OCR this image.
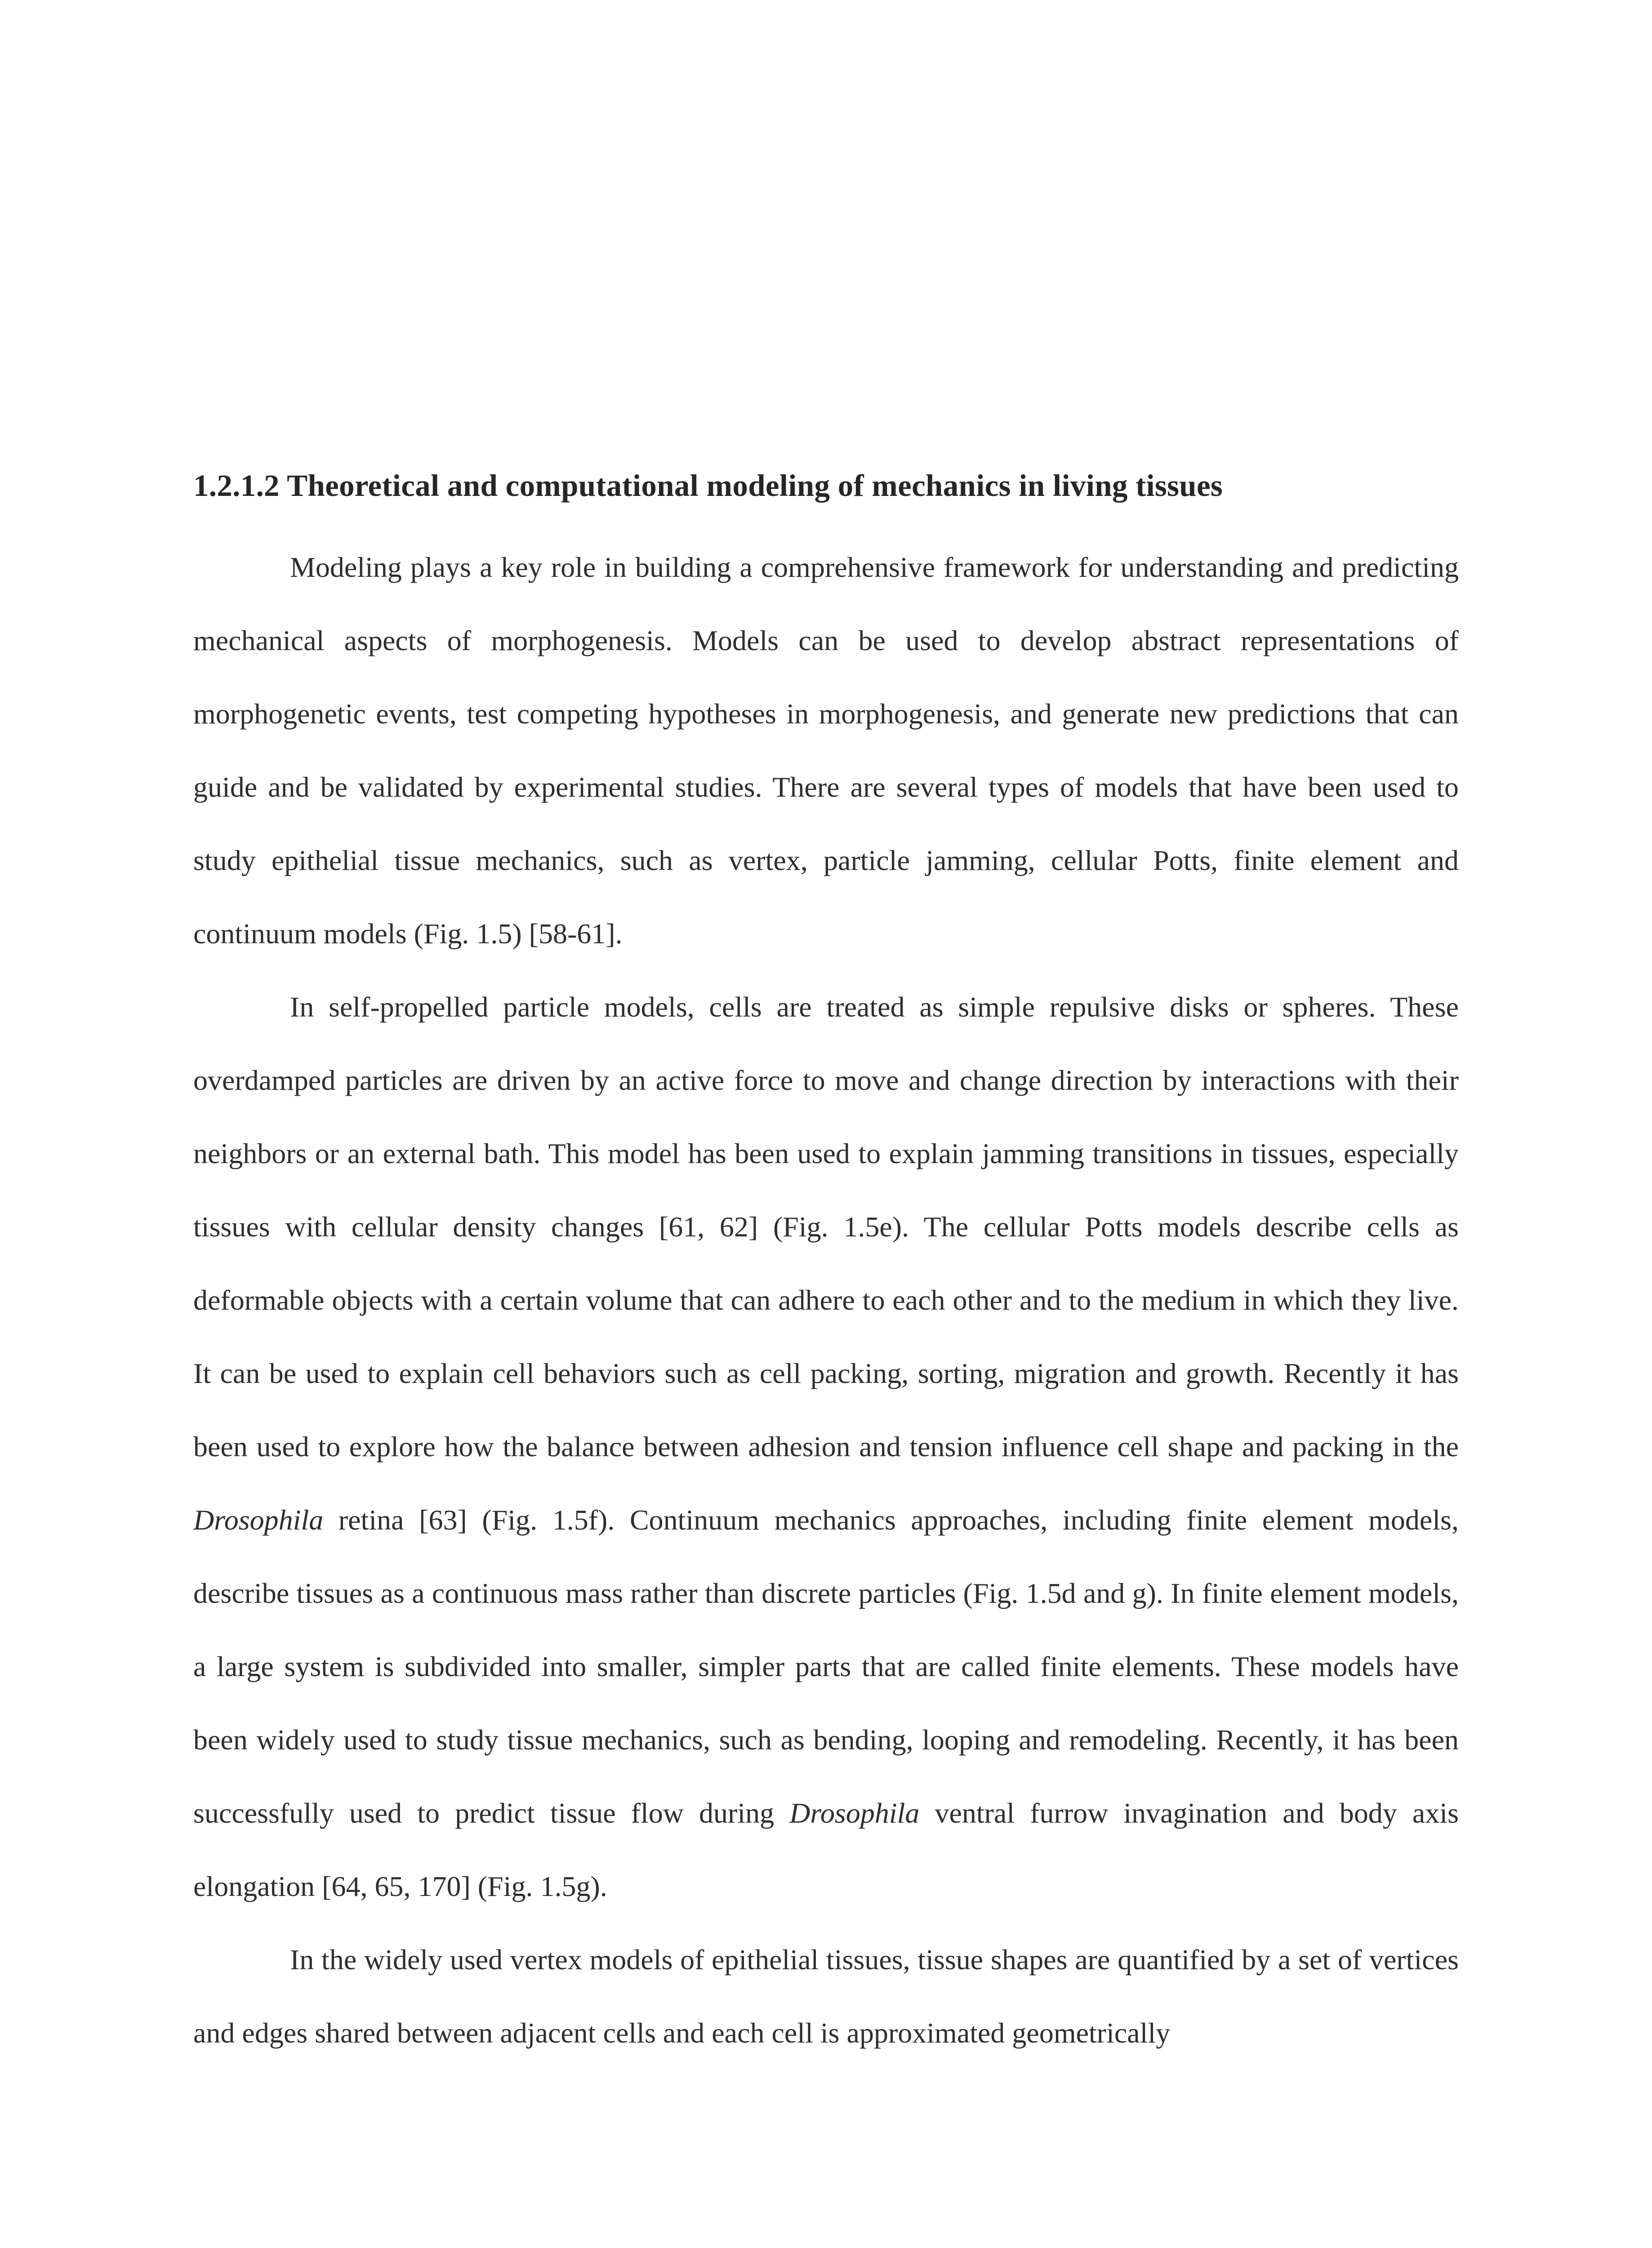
1.2.1.2 Theoretical and computational modeling of mechanics in living tissues

Modeling plays a key role in building a comprehensive framework for understanding and predicting mechanical aspects of morphogenesis. Models can be used to develop abstract representations of morphogenetic events, test competing hypotheses in morphogenesis, and generate new predictions that can guide and be validated by experimental studies. There are several types of models that have been used to study epithelial tissue mechanics, such as vertex, particle jamming, cellular Potts, finite element and continuum models (Fig. 1.5) [58-61].

In self-propelled particle models, cells are treated as simple repulsive disks or spheres. These overdamped particles are driven by an active force to move and change direction by interactions with their neighbors or an external bath. This model has been used to explain jamming transitions in tissues, especially tissues with cellular density changes [61, 62] (Fig. 1.5e). The cellular Potts models describe cells as deformable objects with a certain volume that can adhere to each other and to the medium in which they live. It can be used to explain cell behaviors such as cell packing, sorting, migration and growth. Recently it has been used to explore how the balance between adhesion and tension influence cell shape and packing in the Drosophila retina [63] (Fig. 1.5f). Continuum mechanics approaches, including finite element models, describe tissues as a continuous mass rather than discrete particles (Fig. 1.5d and g). In finite element models, a large system is subdivided into smaller, simpler parts that are called finite elements. These models have been widely used to study tissue mechanics, such as bending, looping and remodeling. Recently, it has been successfully used to predict tissue flow during Drosophila ventral furrow invagination and body axis elongation [64, 65, 170] (Fig. 1.5g).

In the widely used vertex models of epithelial tissues, tissue shapes are quantified by a set of vertices and edges shared between adjacent cells and each cell is approximated geometrically
